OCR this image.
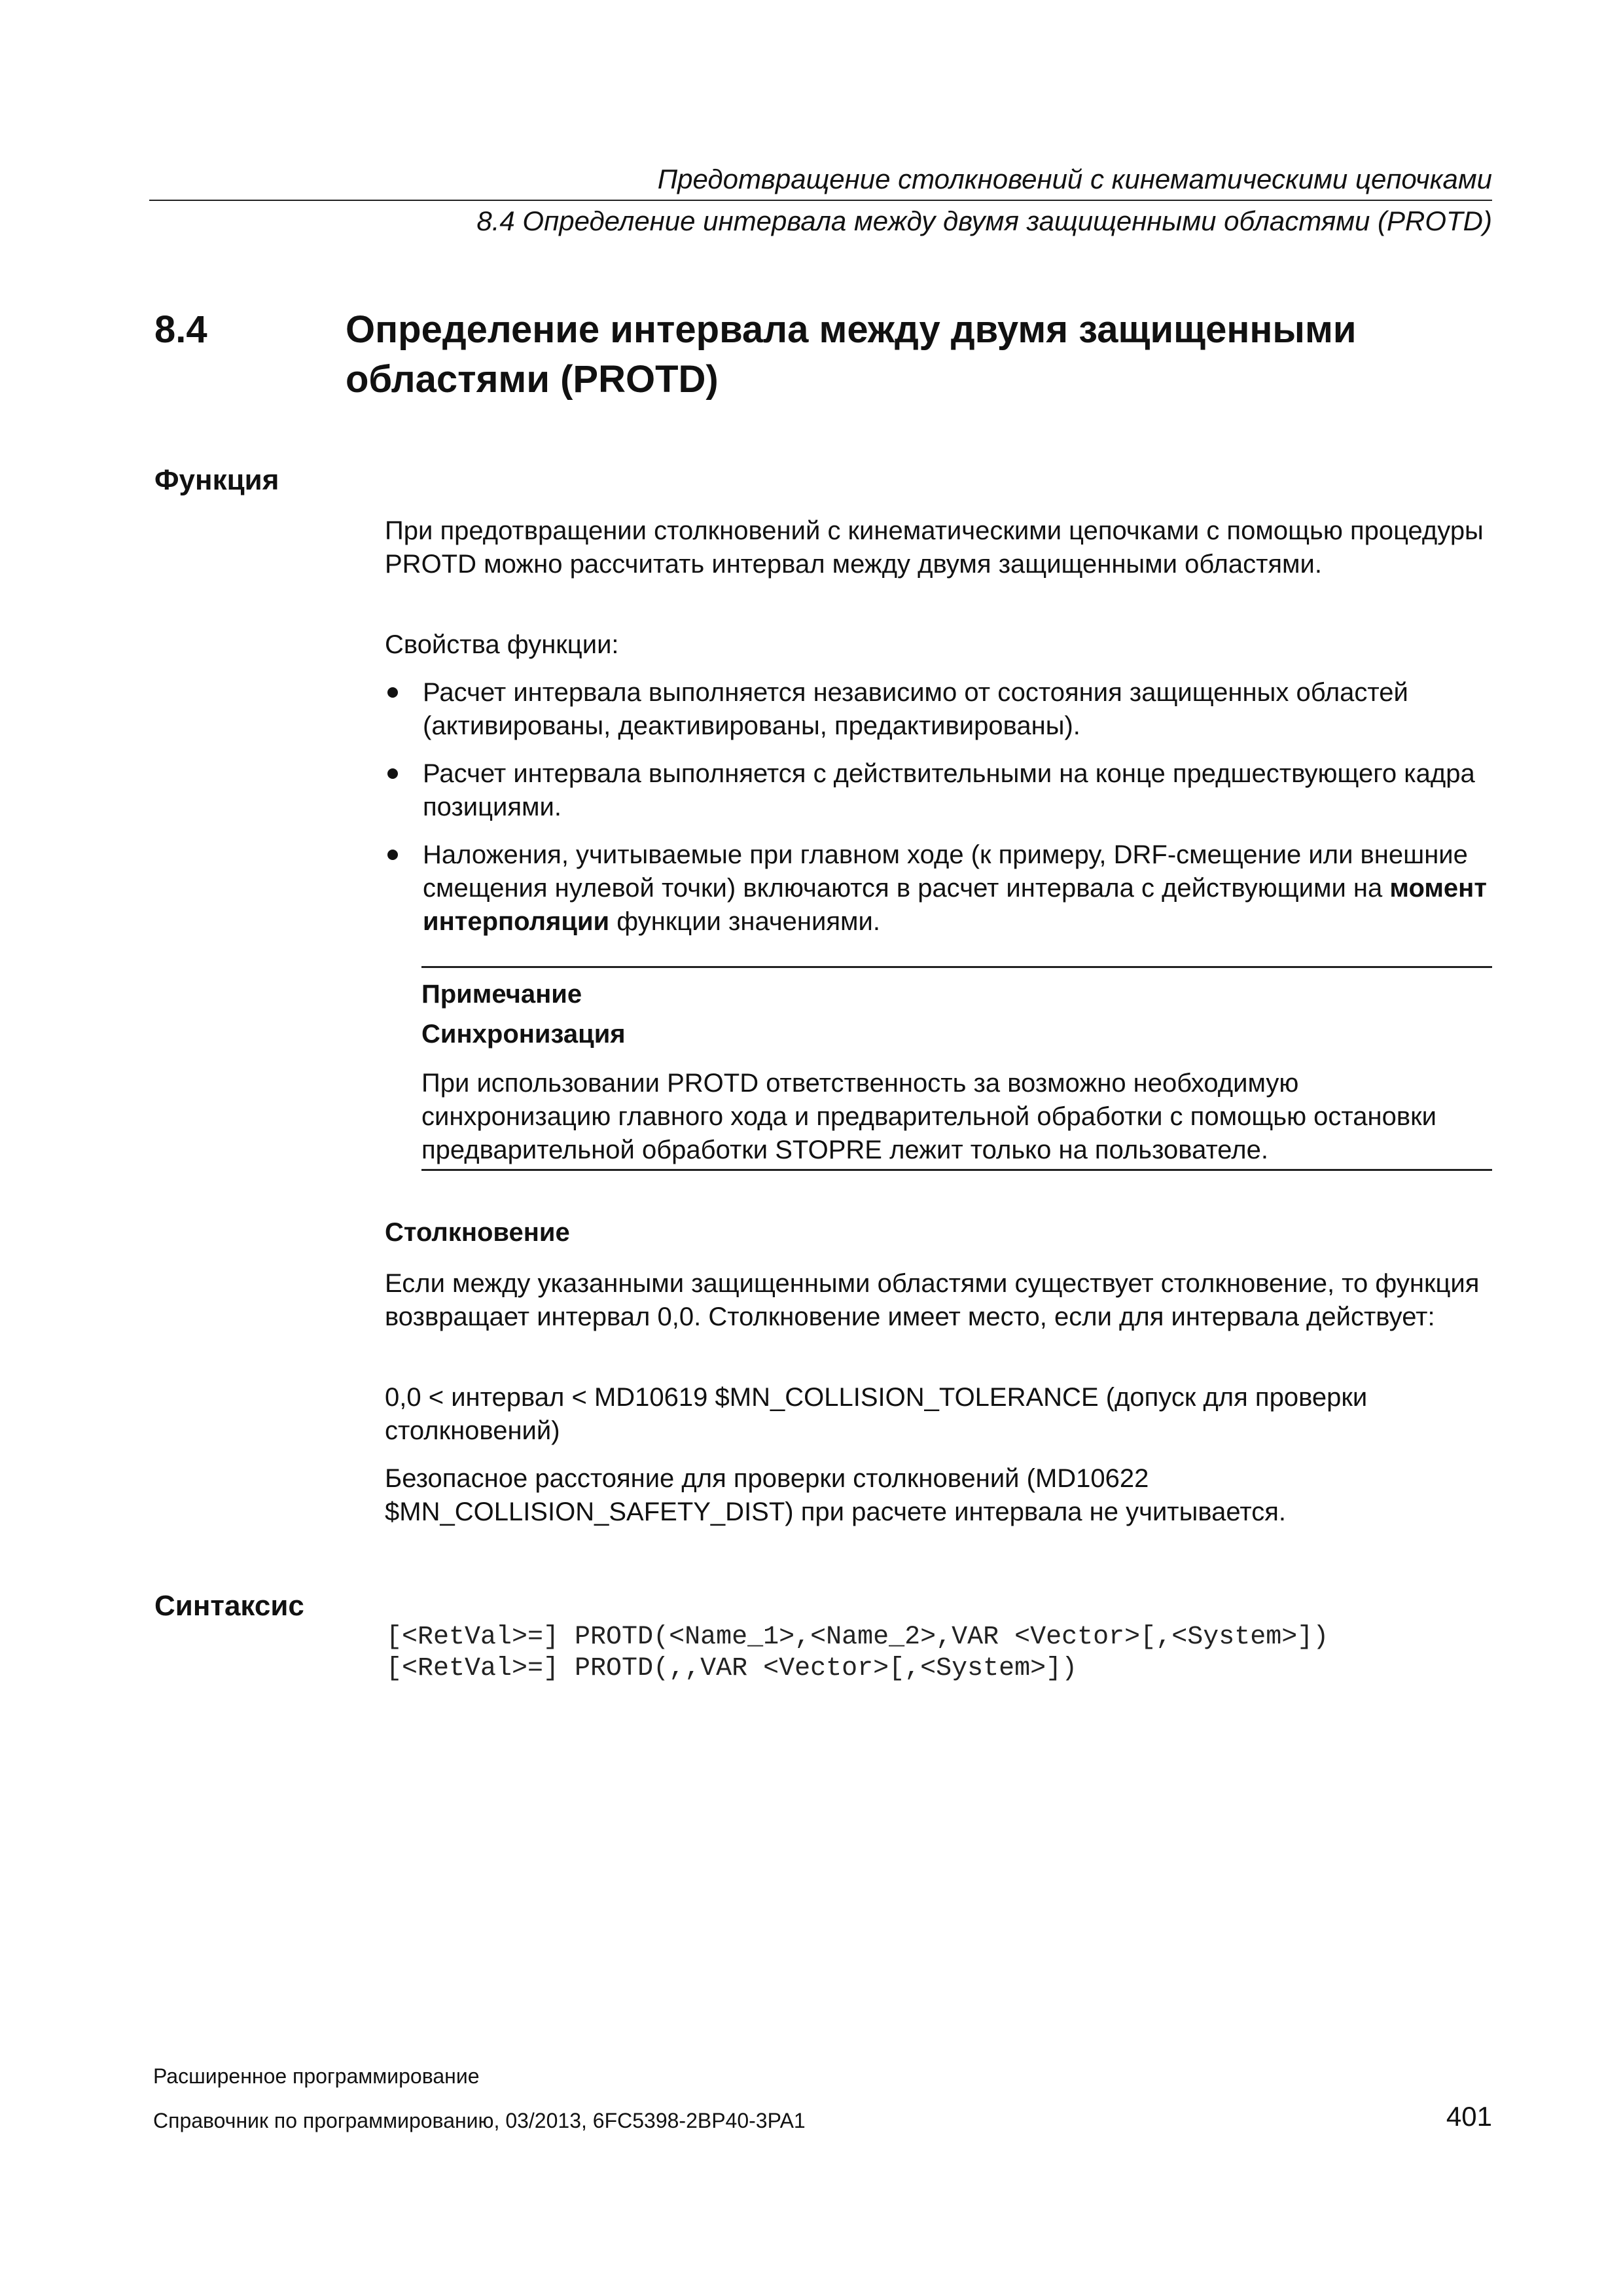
Предотвращение столкновений с кинематическими цепочками
8.4 Определение интервала между двумя защищенными областями (PROTD)
8.4	Определение интервала между двумя защищенными областями (PROTD)
Функция
При предотвращении столкновений с кинематическими цепочками с помощью процедуры PROTD можно рассчитать интервал между двумя защищенными областями.
Свойства функции:
Расчет интервала выполняется независимо от состояния защищенных областей (активированы, деактивированы, предактивированы).
Расчет интервала выполняется с действительными на конце предшествующего кадра позициями.
Наложения, учитываемые при главном ходе (к примеру, DRF-смещение или внешние смещения нулевой точки) включаются в расчет интервала с действующими на момент интерполяции функции значениями.
Примечание
Синхронизация
При использовании PROTD ответственность за возможно необходимую синхронизацию главного хода и предварительной обработки с помощью остановки предварительной обработки STOPRE лежит только на пользователе.
Столкновение
Если между указанными защищенными областями существует столкновение, то функция возвращает интервал 0,0. Столкновение имеет место, если для интервала действует:
0,0 < интервал < MD10619 $MN_COLLISION_TOLERANCE (допуск для проверки столкновений)
Безопасное расстояние для проверки столкновений (MD10622 $MN_COLLISION_SAFETY_DIST) при расчете интервала не учитывается.
Синтаксис
[<RetVal>=] PROTD(<Name_1>,<Name_2>,VAR <Vector>[,<System>])
[<RetVal>=] PROTD(,,VAR <Vector>[,<System>])
Расширенное программирование
Справочник по программированию, 03/2013, 6FC5398-2BP40-3PA1	401
